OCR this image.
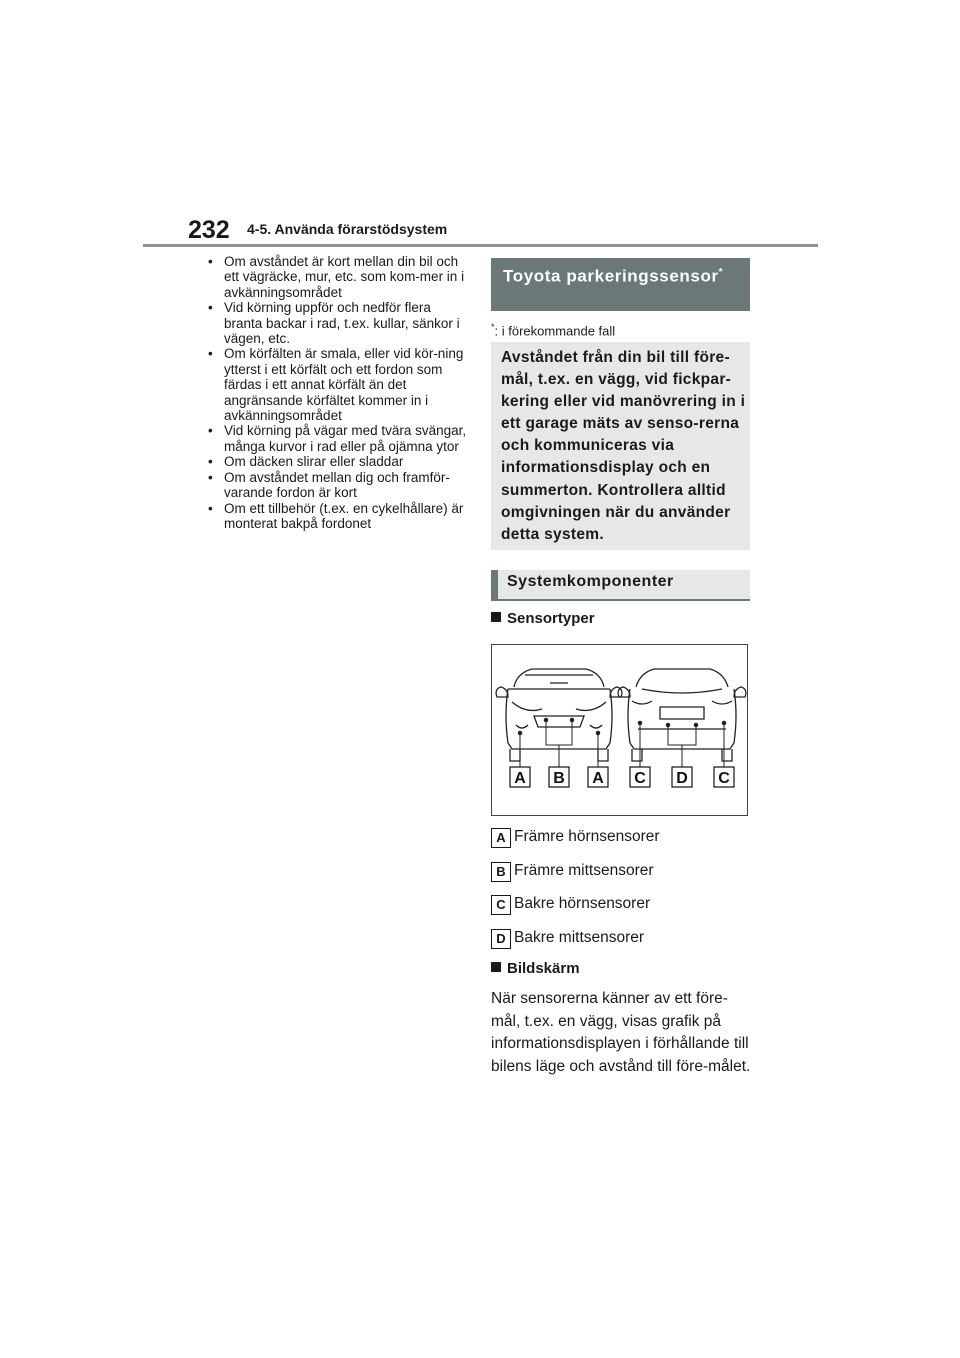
232 4-5. Använda förarstödsystem
• Om avståndet är kort mellan din bil och ett vägräcke, mur, etc. som kom-mer in i avkänningsområdet
• Vid körning uppför och nedför flera branta backar i rad, t.ex. kullar, sänkor i vägen, etc.
• Om körfälten är smala, eller vid kör-ning ytterst i ett körfält och ett fordon som färdas i ett annat körfält än det angränsande körfältet kommer in i avkänningsområdet
• Vid körning på vägar med tvära svängar, många kurvor i rad eller på ojämna ytor
• Om däcken slirar eller sladdar
• Om avståndet mellan dig och framför-varande fordon är kort
• Om ett tillbehör (t.ex. en cykelhållare) är monterat bakpå fordonet
Toyota parkeringssensor*
*: i förekommande fall

Avståndet från din bil till före-mål, t.ex. en vägg, vid fickpar-kering eller vid manövrering in i ett garage mäts av senso-rerna och kommuniceras via informationsdisplay och en summerton. Kontrollera alltid omgivningen när du använder detta system.

Systemkomponenter
Sensortyper
A B A C D C
A Främre hörnsensorer
B Främre mittsensorer
C Bakre hörnsensorer
D Bakre mittsensorer
Bildskärm

När sensorerna känner av ett före-mål, t.ex. en vägg, visas grafik på informationsdisplayen i förhållande till bilens läge och avstånd till före-målet.
